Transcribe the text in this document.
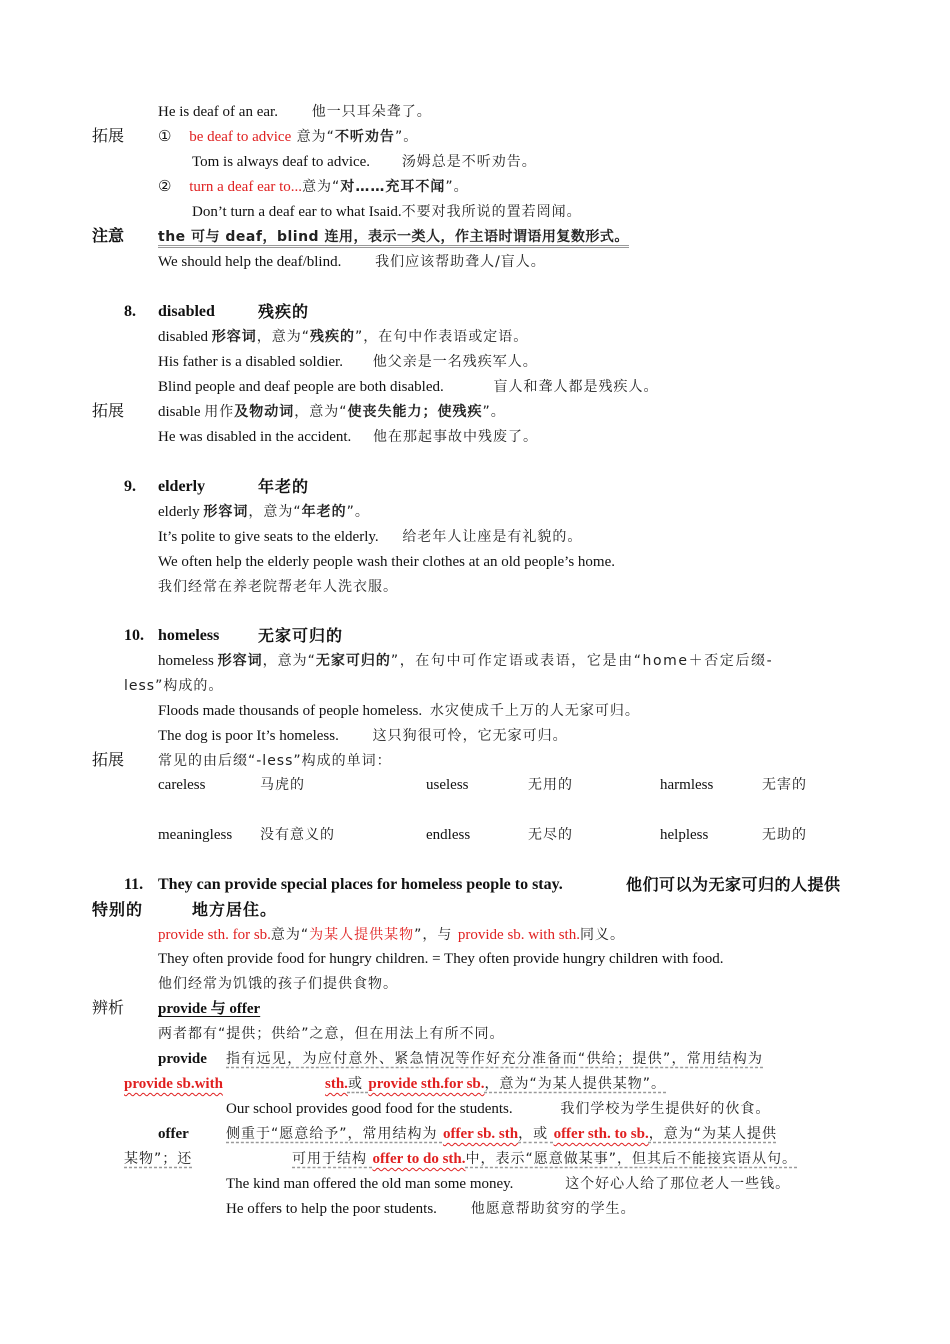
He is deaf of an ear. 他一只耳朵聋了。
拓展 ① be deaf to advice 意为“不听劝告”。
Tom is always deaf to advice. 汤姆总是不听劝告。
② turn a deaf ear to...意为“对……充耳不闻”。
Don’t turn a deaf ear to what Isaid.不要对我所说的置若罔闻。
注意 the 可与 deaf，blind 连用，表示一类人，作主语时谓语用复数形式。
We should help the deaf/blind. 我们应该帮助聋人/盲人。
8. disabled	残疾的
disabled 形容词，意为“残疾的”，在句中作表语或定语。
His father is a disabled soldier. 他父亲是一名残疾军人。
Blind people and deaf people are both disabled.	盲人和聋人都是残疾人。
拓展 disable 用作及物动词，意为“使丧失能力；使残疾”。
He was disabled in the accident. 他在那起事故中残废了。
9. elderly	年老的
elderly 形容词，意为“年老的”。
It’s polite to give seats to the elderly. 给老年人让座是有礼貌的。
We often help the elderly people wash their clothes at an old people’s home.
我们经常在养老院帮老年人洗衣服。
10. homeless 无家可归的
homeless 形容词，意为“无家可归的”，在句中可作定语或表语，它是由“home＋否定后缀-
less”构成的。
Floods made thousands of people homeless. 水灾使成千上万的人无家可归。
The dog is poor It’s homeless. 这只狗很可怜，它无家可归。
拓展 常见的由后缀“-less”构成的单词：
careless	马虎的	useless	无用的	harmless	无害的
meaningless 没有意义的	endless	无尽的	helpless	无助的
11. They can provide special places for homeless people to stay.	他们可以为无家可归的人提供
特别的	地方居住。
provide sth. for sb.意为“为某人提供某物”，与 provide sb. with sth.同义。
They often provide food for hungry children. = They often provide hungry children with food.
他们经常为饥饿的孩子们提供食物。
辨析 provide 与 offer
两者都有“提供；供给”之意，但在用法上有所不同。
provide 指有远见，为应付意外、紧急情况等作好充分准备而“供给；提供”，常用结构为
provide sb.with	sth.或 provide sth.for sb.，意为“为某人提供某物”。
Our school provides good food for the students.	我们学校为学生提供好的伙食。
offer	侧重于“愿意给予”，常用结构为 offer sb. sth，或 offer sth. to sb.，意为“为某人提供
某物”；还	可用于结构 offer to do sth.中，表示“愿意做某事”，但其后不能接宾语从句。
The kind man offered the old man some money.	这个好心人给了那位老人一些钱。
He offers to help the poor students. 他愿意帮助贫穷的学生。
